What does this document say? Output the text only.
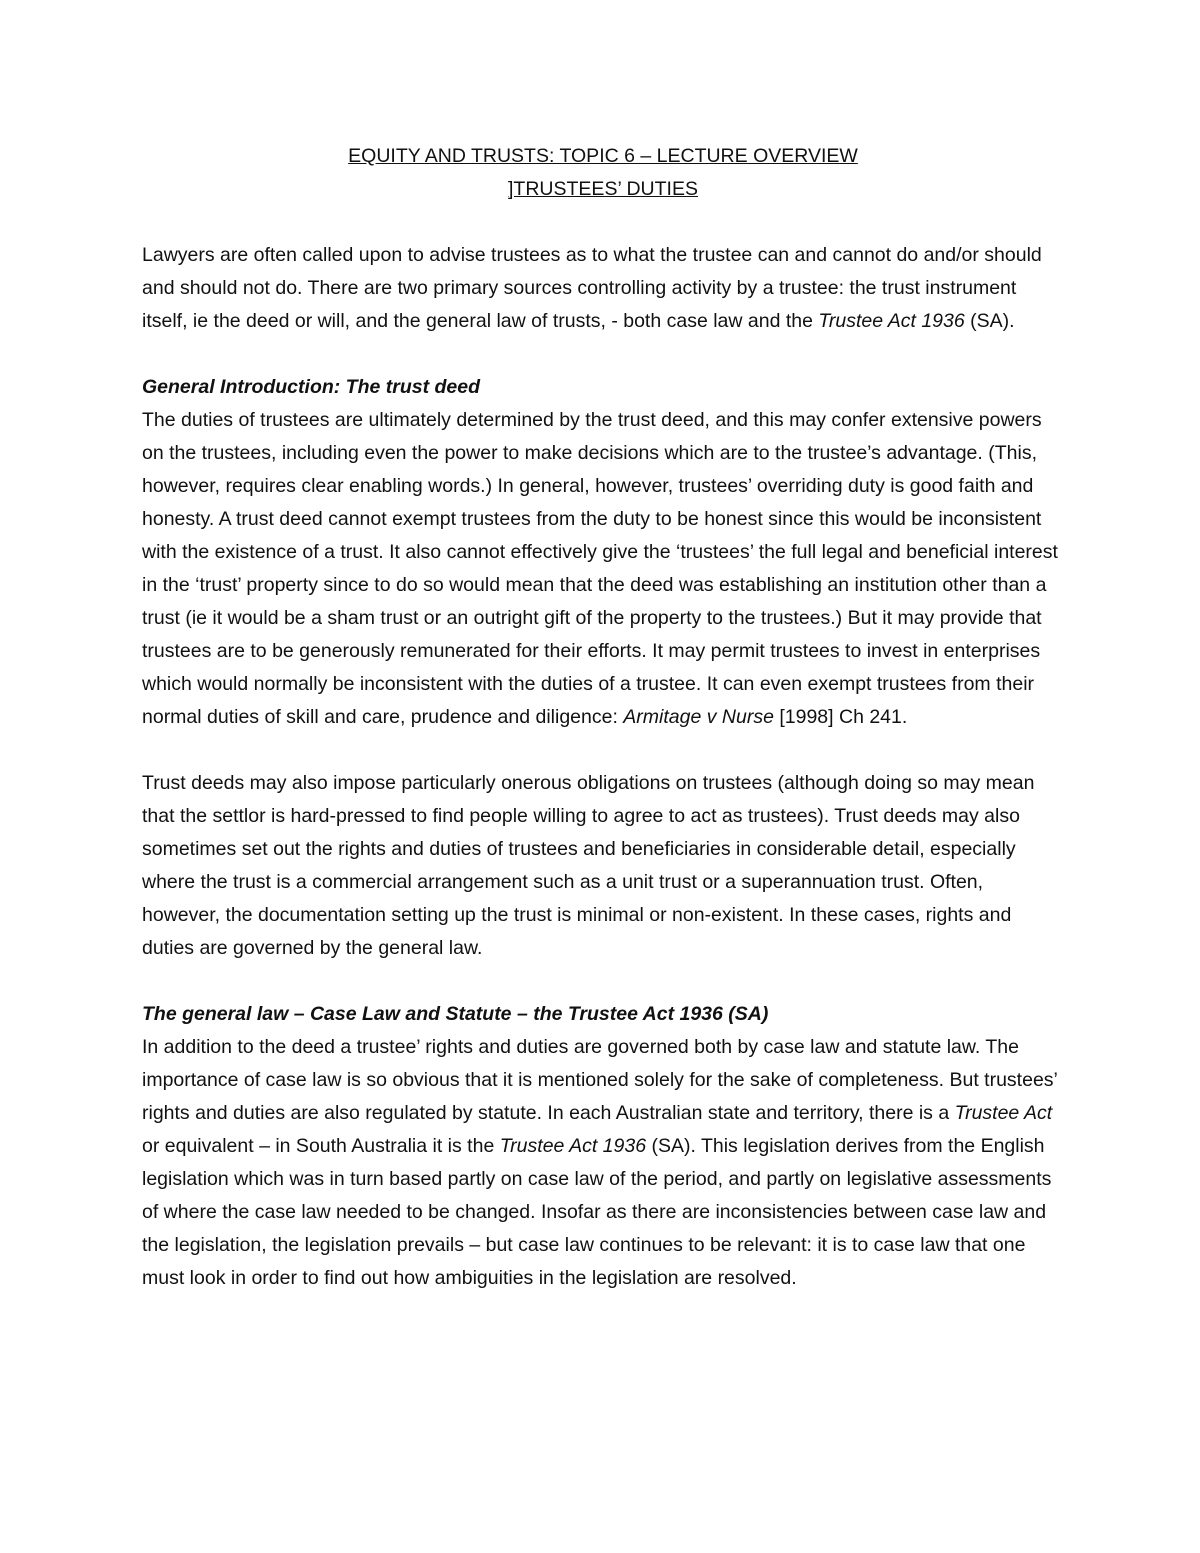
EQUITY AND TRUSTS: TOPIC 6 – LECTURE OVERVIEW
]TRUSTEES’ DUTIES

Lawyers are often called upon to advise trustees as to what the trustee can and cannot do and/or should and should not do. There are two primary sources controlling activity by a trustee: the trust instrument itself, ie the deed or will, and the general law of trusts, - both case law and the Trustee Act 1936 (SA).

General Introduction: The trust deed

The duties of trustees are ultimately determined by the trust deed, and this may confer extensive powers on the trustees, including even the power to make decisions which are to the trustee’s advantage. (This, however, requires clear enabling words.) In general, however, trustees’ overriding duty is good faith and honesty. A trust deed cannot exempt trustees from the duty to be honest since this would be inconsistent with the existence of a trust. It also cannot effectively give the ‘trustees’ the full legal and beneficial interest in the ‘trust’ property since to do so would mean that the deed was establishing an institution other than a trust (ie it would be a sham trust or an outright gift of the property to the trustees.) But it may provide that trustees are to be generously remunerated for their efforts. It may permit trustees to invest in enterprises which would normally be inconsistent with the duties of a trustee. It can even exempt trustees from their normal duties of skill and care, prudence and diligence: Armitage v Nurse [1998] Ch 241.

Trust deeds may also impose particularly onerous obligations on trustees (although doing so may mean that the settlor is hard-pressed to find people willing to agree to act as trustees). Trust deeds may also sometimes set out the rights and duties of trustees and beneficiaries in considerable detail, especially where the trust is a commercial arrangement such as a unit trust or a superannuation trust. Often, however, the documentation setting up the trust is minimal or non-existent. In these cases, rights and duties are governed by the general law.

The general law – Case Law and Statute – the Trustee Act 1936 (SA)

In addition to the deed a trustee’ rights and duties are governed both by case law and statute law. The importance of case law is so obvious that it is mentioned solely for the sake of completeness. But trustees’ rights and duties are also regulated by statute. In each Australian state and territory, there is a Trustee Act or equivalent – in South Australia it is the Trustee Act 1936 (SA). This legislation derives from the English legislation which was in turn based partly on case law of the period, and partly on legislative assessments of where the case law needed to be changed. Insofar as there are inconsistencies between case law and the legislation, the legislation prevails – but case law continues to be relevant: it is to case law that one must look in order to find out how ambiguities in the legislation are resolved.
